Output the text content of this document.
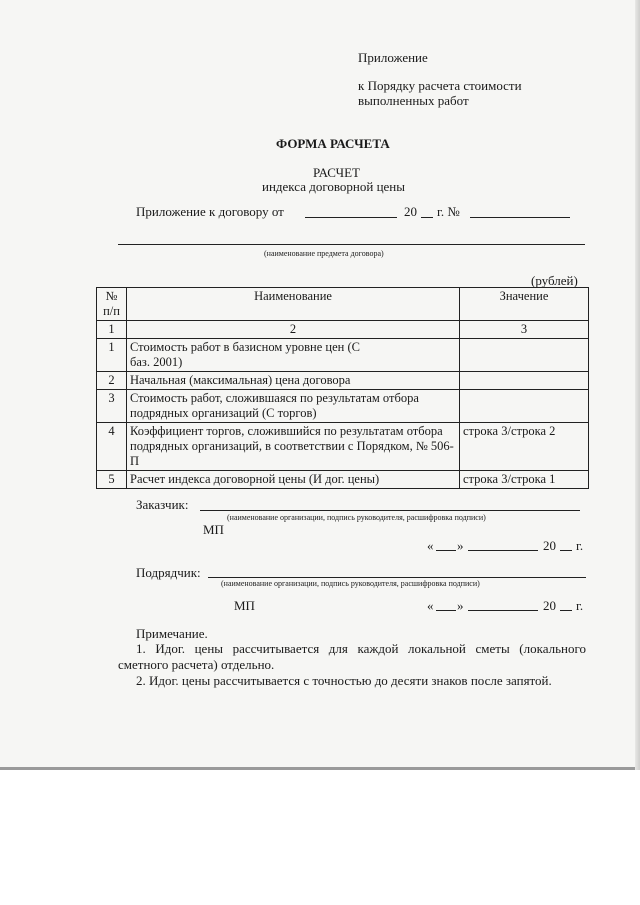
Приложение
к Порядку расчета стоимости
выполненных работ
ФОРМА РАСЧЕТА
РАСЧЕТ
индекса договорной цены
Приложение к договору от	20 г. №
(наименование предмета договора)
(рублей)
№ п/п	Наименование	Значение
1	2	3
1	Стоимость работ в базисном уровне цен (С баз. 2001)	
2	Начальная (максимальная) цена договора	
3	Стоимость работ, сложившаяся по результатам отбора подрядных организаций (С торгов)	
4	Коэффициент торгов, сложившийся по результатам отбора подрядных организаций, в соответствии с Порядком, № 506-П	строка 3/строка 2
5	Расчет индекса договорной цены (И дог. цены)	строка 3/строка 1
Заказчик:
(наименование организации, подпись руководителя, расшифровка подписи)
МП
« »	20 г.
Подрядчик:
(наименование организации, подпись руководителя, расшифровка подписи)
МП	« »	20 г.
Примечание.
1. Идог. цены рассчитывается для каждой локальной сметы (локального сметного расчета) отдельно.
2. Идог. цены рассчитывается с точностью до десяти знаков после запятой.
